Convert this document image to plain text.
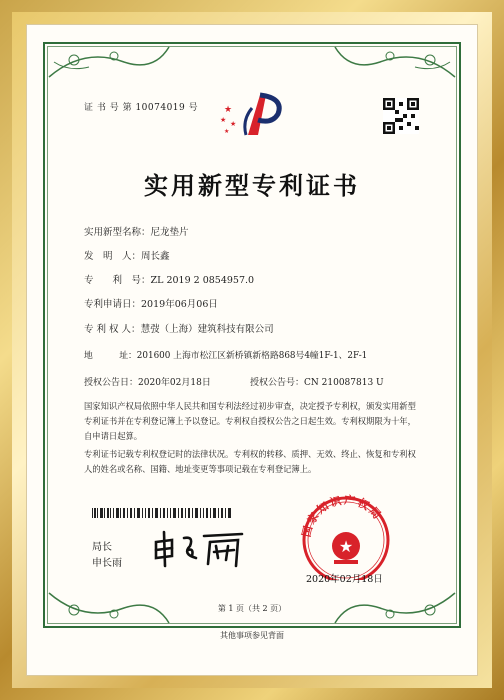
证 书 号 第 10074019 号	★
★ ★
★
实用新型专利证书
实用新型名称：尼龙垫片
发　明　人：周长鑫
专　　利　号：ZL 2019 2 0854957.0
专利申请日：2019年06月06日
专 利 权 人：慧弢（上海）建筑科技有限公司
地　　　址：201600 上海市松江区新桥镇新格路868号4幢1F-1、2F-1
授权公告日：2020年02月18日	授权公告号：CN 210087813 U
国家知识产权局依照中华人民共和国专利法经过初步审查，决定授予专利权，颁发实用新型专利证书并在专利登记簿上予以登记。专利权自授权公告之日起生效。专利权期限为十年，自申请日起算。
专利证书记载专利权登记时的法律状况。专利权的转移、质押、无效、终止、恢复和专利权人的姓名或名称、国籍、地址变更等事项记载在专利登记簿上。
局长
申长雨
国家知识产权局
★
2020年02月18日
第 1 页（共 2 页）
其他事项参见背面
